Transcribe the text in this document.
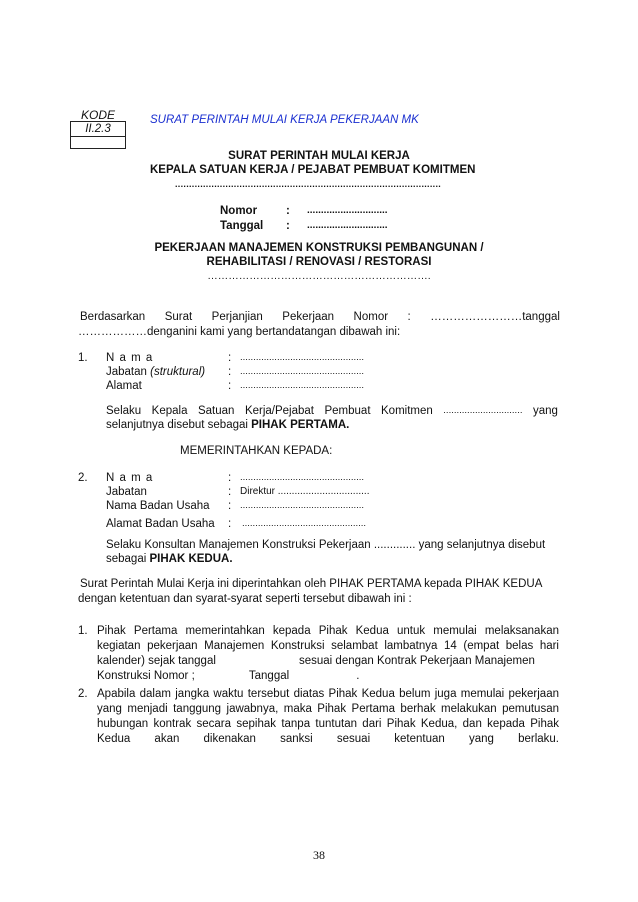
KODE
II.2.3
SURAT PERINTAH MULAI KERJA PEKERJAAN MK
SURAT PERINTAH MULAI KERJA
KEPALA SATUAN KERJA / PEJABAT PEMBUAT KOMITMEN
...............................................................................................
Nomor	: .............................
Tanggal : .............................
PEKERJAAN MANAJEMEN KONSTRUKSI PEMBANGUNAN /
REHABILITASI / RENOVASI / RESTORASI
……………………………………………………….
Berdasarkan Surat Perjanjian Pekerjaan Nomor : ……………………tanggal
………………denganini kami yang bertandatangan dibawah ini:
1. N a m a	: ...............................................
Jabatan (struktural) : ...............................................
Alamat	: ...............................................
Selaku Kepala Satuan Kerja/Pejabat Pembuat Komitmen .............................. yang
selanjutnya disebut sebagai PIHAK PERTAMA.
MEMERINTAHKAN KEPADA:
2. N a m a	: ...............................................
Jabatan	: Direktur .................................
Nama Badan Usaha : ...............................................
Alamat Badan Usaha : ...............................................
Selaku Konsultan Manajemen Konstruksi Pekerjaan ............. yang selanjutnya disebut
sebagai PIHAK KEDUA.
Surat Perintah Mulai Kerja ini diperintahkan oleh PIHAK PERTAMA kepada PIHAK KEDUA
dengan ketentuan dan syarat-syarat seperti tersebut dibawah ini :
1. Pihak Pertama memerintahkan kepada Pihak Kedua untuk memulai melaksanakan
kegiatan pekerjaan Manajemen Konstruksi selambat lambatnya 14 (empat belas hari
kalender) sejak tanggal                          sesuai dengan Kontrak Pekerjaan Manajemen
Konstruksi Nomor ;                 Tanggal                     .
2. Apabila dalam jangka waktu tersebut diatas Pihak Kedua belum juga memulai pekerjaan
yang menjadi tanggung jawabnya, maka Pihak Pertama berhak melakukan pemutusan
hubungan kontrak secara sepihak tanpa tuntutan dari Pihak Kedua, dan kepada Pihak
Kedua akan dikenakan sanksi sesuai ketentuan yang berlaku.
38
